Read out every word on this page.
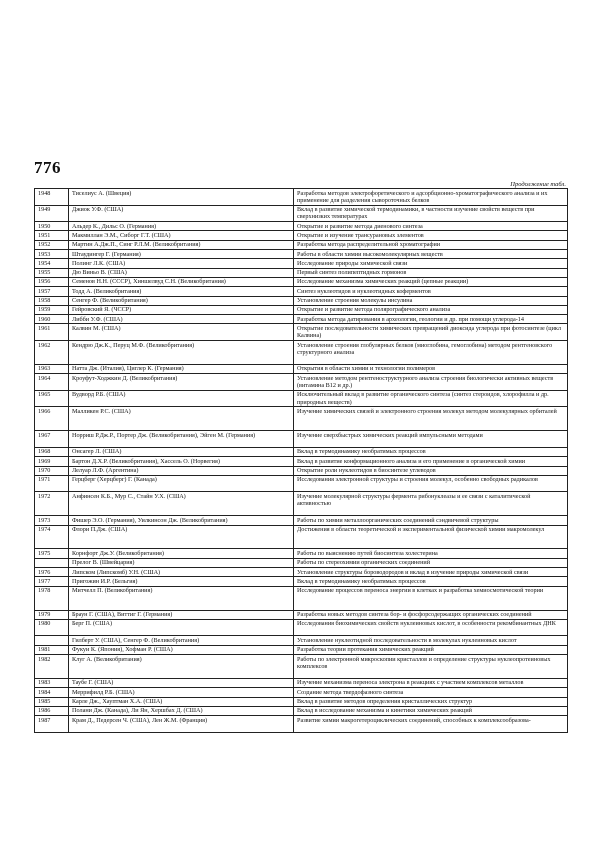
776
Продолжение табл.
1948	Тиселиус А. (Швеция)	Разработка методов электрофоретического и адсорбционно-хроматографического анализа и их применение для разделения сывороточных белков
1949	Джиок У.Ф. (США)	Вклад в развитие химической термодинамики, в частности изучение свойств веществ при сверхнизких температурах
1950	Альдер К., Дильс О. (Германия)	Открытие и развитие метода диенового синтеза
1951	Макмиллан Э.М., Сиборг Г.Т. (США)	Открытие и изучение трансурановых элементов
1952	Мартин А.Дж.П., Синг Р.Л.М. (Великобритания)	Разработка метода распределительной хроматографии
1953	Штаудингер Г. (Германия)	Работы в области химии высокомолекулярных веществ
1954	Полинг Л.К. (США)	Исследование природы химической связи
1955	Дю Виньо В. (США)	Первый синтез полипептидных гормонов
1956	Семенов Н.Н. (СССР), Хиншелвуд С.Н. (Великобритания)	Исследование механизма химических реакций (цепные реакции)
1957	Тодд А. (Великобритания)	Синтез нуклеотидов и нуклеотидных коферментов
1958	Сенгер Ф. (Великобритания)	Установление строения молекулы инсулина
1959	Гейровский Я. (ЧССР)	Открытие и развитие метода полярографического анализа
1960	Либби У.Ф. (США)	Разработка метода датирования в археологии, геологии и др. при помощи углерода-14
1961	Калвин М. (США)	Открытие последовательности химических превращений диоксида углерода при фотосинтезе (цикл Калвина)
1962	Кендрю Дж.К., Перуц М.Ф. (Великобритания)	Установление строения глобулярных белков (миоглобина, гемоглобина) методом рентгеновского структурного анализа
1963	Натта Дж. (Италия), Циглер К. (Германия)	Открытия в области химии и технологии полимеров
1964	Кроуфут-Ходжкин Д. (Великобритания)	Установление методом рентгеноструктурного анализа строения биологически активных веществ (витамина B12 и др.)
1965	Вудворд Р.Б. (США)	Исключительный вклад в развитие органического синтеза (синтез стероидов, хлорофилла и др. природных веществ)
1966	Малликен Р.С. (США)	Изучение химических связей и электронного строения молекул методом молекулярных орбиталей
1967	Норриш Р.Дж.Р., Портер Дж. (Великобритания), Эйген М. (Германия)	Изучение сверхбыстрых химических реакций импульсными методами
1968	Онсагер Л. (США)	Вклад в термодинамику необратимых процессов
1969	Бартон Д.Х.Р. (Великобритания), Хассель О. (Норвегия)	Вклад в развитие конформационного анализа и его применение в органической химии
1970	Лелуар Л.Ф. (Аргентина)	Открытие роли нуклеотидов в биосинтезе углеводов
1971	Герцберг (Херцберг) Г. (Канада)	Исследования электронной структуры и строения молекул, особенно свободных радикалов
1972	Анфинсен К.Б., Мур С., Стайн У.Х. (США)	Изучение молекулярной структуры фермента рибонуклеазы и ее связи с каталитической активностью
1973	Фишер Э.О. (Германия), Уилкинсон Дж. (Великобритания)	Работы по химии металлоорганических соединений сэндвичевой структуры
1974	Флори П.Дж. (США)	Достижения в области теоретической и экспериментальной физической химии макромолекул
1975	Корнфорт Дж.У. (Великобритания)	Работы по выяснению путей биосинтеза холестерина
	Прелог В. (Швейцария)	Работы по стереохимии органических соединений
1976	Липском (Липскомб) У.Н. (США)	Установление структуры бороводородов и вклад в изучение природы химической связи
1977	Пригожин И.Р. (Бельгия)	Вклад в термодинамику необратимых процессов
1978	Митчелл П. (Великобритания)	Исследование процессов переноса энергии в клетках и разработка хемиосмотической теории
1979	Браун Г. (США), Виттиг Г. (Германия)	Разработка новых методов синтеза бор- и фосфорсодержащих органических соединений
1980	Берг П. (США)	Исследования биохимических свойств нуклеиновых кислот, в особенности рекомбинантных ДНК
	Гилберт У. (США), Сенгер Ф. (Великобритания)	Установление нуклеотидной последовательности в молекулах нуклеиновых кислот
1981	Фукуи К. (Япония), Хофман Р. (США)	Разработка теории протекания химических реакций
1982	Клуг А. (Великобритания)	Работы по электронной микроскопии кристаллов и определение структуры нуклеопротеиновых комплексов
1983	Таубе Г. (США)	Изучение механизма переноса электрона в реакциях с участием комплексов металлов
1984	Меррифилд Р.Б. (США)	Создание метода твердофазного синтеза
1985	Карле Дж., Хауптман Х.А. (США)	Вклад в развитие методов определения кристаллических структур
1986	Полани Дж. (Канада), Ли Ян, Хершбах Д. (США)	Вклад в исследование механизма и кинетики химических реакций
1987	Крам Д., Педерсен Ч. (США), Лен Ж.М. (Франция)	Развитие химии макрогетероциклических соединений, способных к комплексообразова-
